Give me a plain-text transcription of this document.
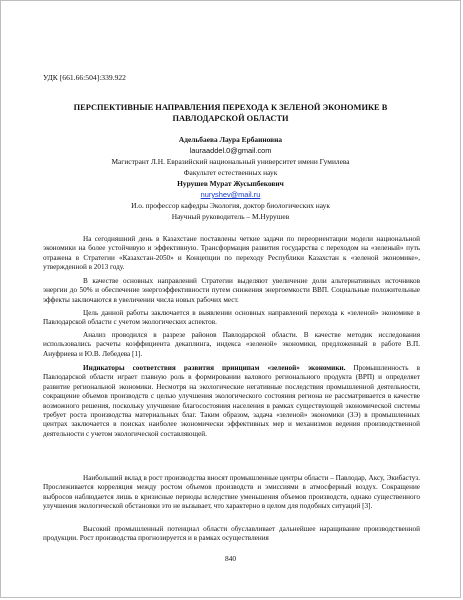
УДК [661.66:504]:339.922
ПЕРСПЕКТИВНЫЕ НАПРАВЛЕНИЯ ПЕРЕХОДА К ЗЕЛЕНОЙ ЭКОНОМИКЕ В
ПАВЛОДАРСКОЙ ОБЛАСТИ
Адельбаева Лаура Ербаиновна
lauraaddel.0@gmail.com
Магистрант Л.Н. Евразийский национальный университет имени Гумилева
Факультет естественных наук
Нурушев Мурат Жусыпбекович
nuryshev@mail.ru
И.о. профессор кафедры Экология, доктор биологических наук
Научный руководитель – М.Нурушев
На сегодняшний день в Казахстане поставлены четкие задачи по переориентации модели национальной экономики на более устойчивую и эффективную. Трансформация развития государства с переходом на «зеленый» путь отражена в Стратегии «Казахстан-2050» и Концепции по переходу Республики Казахстан к «зеленой экономике», утвержденной в 2013 году.
В качестве основных направлений Стратегии выделяют увеличение доли альтернативных источников энергии до 50% и обеспечение энергоэффективности путем снижения энергоемкости ВВП. Социальные положительные эффекты заключаются в увеличении числа новых рабочих мест.
Цель данной работы заключается в выявлении основных направлений перехода к «зеленой» экономике в Павлодарской области с учетом экологических аспектов.
Анализ проводился в разрезе районов Павлодарской области. В качестве методик исследования использовались расчеты коэффициента декаплинга, индекса «зеленой» экономики, предложенный в работе В.П. Ануфриева и Ю.В. Лебедева [1].
Индикаторы соответствия развития принципам «зеленой» экономики. Промышленность в Павлодарской области играет главную роль в формировании валового регионального продукта (ВРП) и определяет развитие региональной экономики. Несмотря на экологические негативные последствия промышленной деятельности, сокращение объемов производств с целью улучшения экологического состояния региона не рассматривается в качестве возможного решения, поскольку улучшение благосостояния населения в рамках существующей экономической системы требует роста производства материальных благ. Таким образом, задача «зеленой» экономики (ЗЭ) в промышленных центрах заключается в поисках наиболее экономически эффективных мер и механизмов ведения производственной деятельности с учетом экологической составляющей.
Наибольший вклад в рост производства вносят промышленные центры области – Павлодар, Аксу, Экибастуз. Прослеживается корреляция между ростом объемов производств и эмиссиями в атмосферный воздух. Сокращение выбросов наблюдается лишь в кризисные периоды вследствие уменьшения объемов производств, однако существенного улучшения экологической обстановки это не вызывает, что характерно в целом для подобных ситуаций [3].
Высокий промышленный потенциал области обуславливает дальнейшее наращивание производственной продукции. Рост производства прогнозируется и в рамках осуществления
840
